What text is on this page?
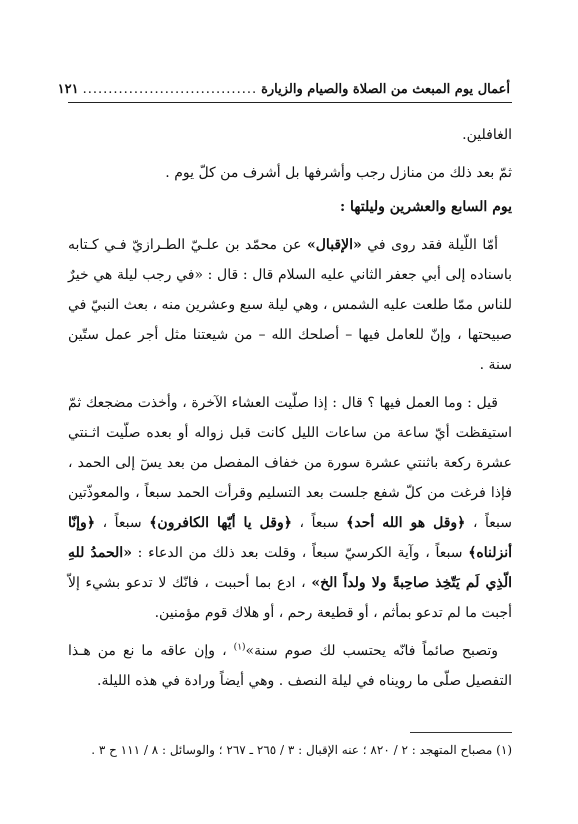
أعمال يوم المبعث من الصلاة والصيام والزيارة
..................................
١٢١

الغافلين.

ثمّ بعد ذلك من منازل رجب وأشرفها بل أشرف من كلّ يوم .

يوم السابع والعشرين وليلتها :

أمّا اللّيلة فقد روى في «الإقبال» عن محمّد بن علـيّ الطـرازيّ فـي كـتابه باسناده إلى أبي جعفر الثاني عليه السلام قال : قال : «في رجب ليلة هي خيرٌ للناس ممّا طلعت عليه الشمس ، وهي ليلة سبع وعشرين منه ، بعث النبيّ في صبيحتها ، وإنّ للعامل فيها – أصلحك الله – من شيعتنا مثل أجر عمل ستّين سنة .

قيل : وما العمل فيها ؟ قال : إذا صلّيت العشاء الآخرة ، وأخذت مضجعك ثمّ استيقظت أيّ ساعة من ساعات الليل كانت قبل زواله أو بعده صلّيت اثـنتي عشرة ركعة باثنتي عشرة سورة من خفاف المفصل من بعد يسٓ إلى الحمد ، فإذا فرغت من كلّ شفع جلست بعد التسليم وقرأت الحمد سبعاً ، والمعوذّتين سبعاً ، ﴿وقل هو الله أحد﴾ سبعاً ، ﴿وقل يا أيّها الكافرون﴾ سبعاً ، ﴿وإنّا أنزلناه﴾ سبعاً ، وآية الكرسيّ سبعاً ، وقلت بعد ذلك من الدعاء : «الحمدُ للهِ الّذِي لَم يَتّخِذ صاحِبةً ولا ولداً الخ» ، ادع بما أحببت ، فانّك لا تدعو بشيء إلاّ أجبت ما لم تدعو بمأثم ، أو قطيعة رحم ، أو هلاك قوم مؤمنين.

وتصبح صائماً فانّه يحتسب لك صوم سنة»$^{(١)}$ ، وإن عاقه ما نع من هـذا التفصيل صلّى ما رويناه في ليلة النصف . وهي أيضاً ورادة في هذه الليلة.

(١) مصباح المتهجد : ٢ / ٨٢٠ ؛ عنه الإقبال : ٣ / ٢٦٥ ـ ٢٦٧ ؛ والوسائل : ٨ / ١١١ ح ٣ .
